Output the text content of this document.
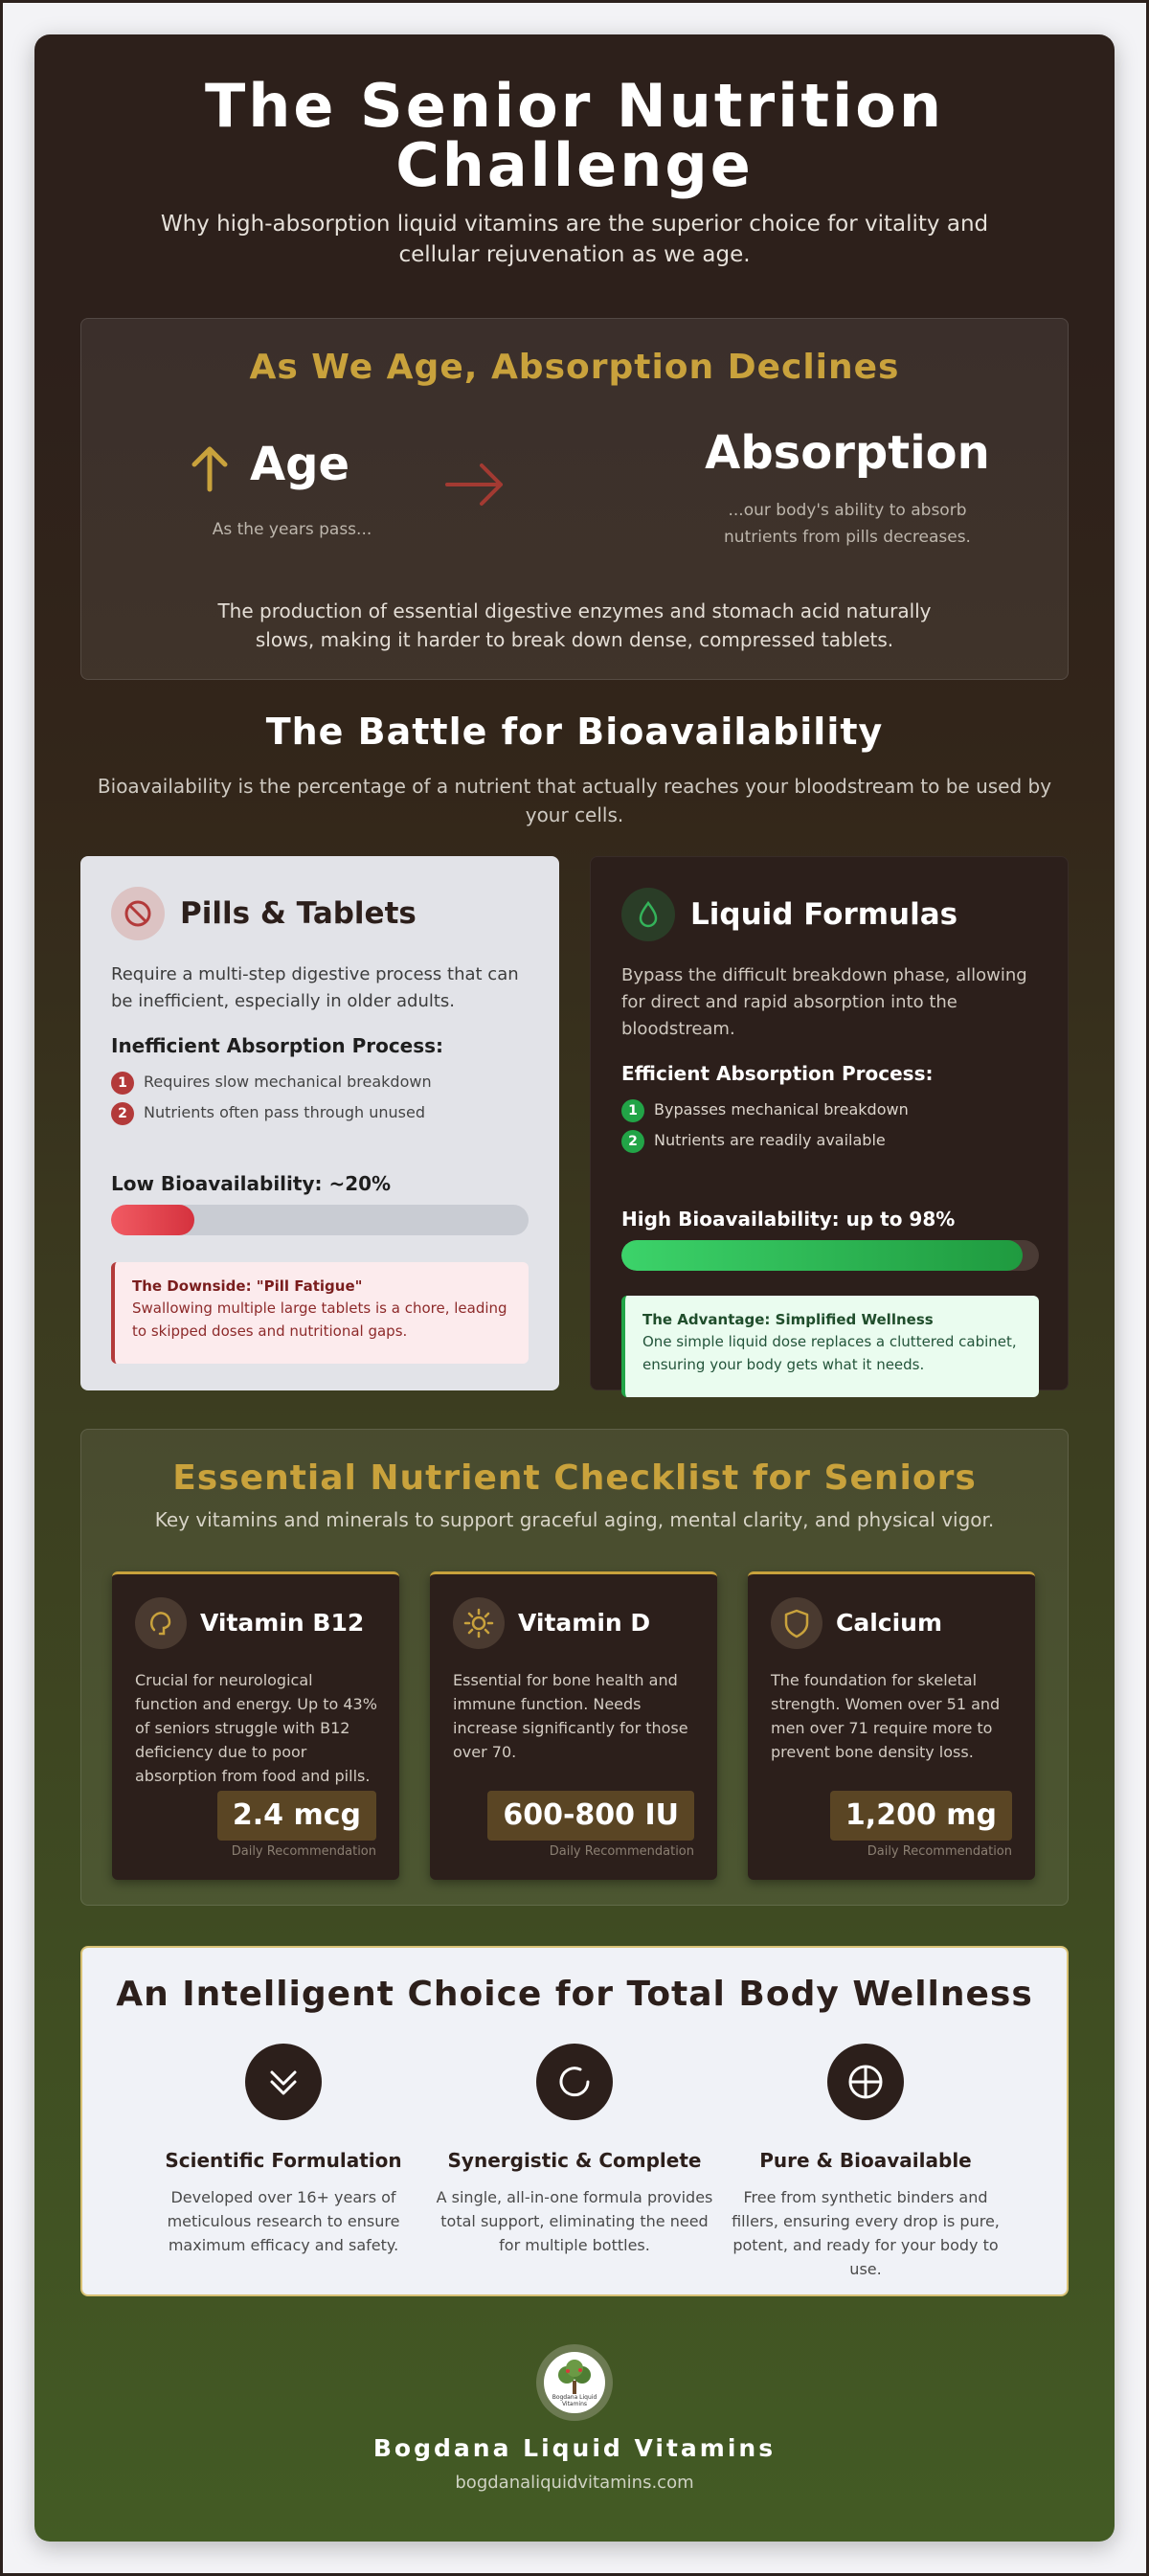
The Senior Nutrition
Challenge
Why high-absorption liquid vitamins are the superior choice for vitality and cellular rejuvenation as we age.
As We Age, Absorption Declines
Age
As the years pass...
Absorption
...our body's ability to absorb nutrients from pills decreases.
The production of essential digestive enzymes and stomach acid naturally slows, making it harder to break down dense, compressed tablets.
The Battle for Bioavailability
Bioavailability is the percentage of a nutrient that actually reaches your bloodstream to be used by your cells.
Pills & Tablets
Require a multi-step digestive process that can be inefficient, especially in older adults.
Inefficient Absorption Process:
1 Requires slow mechanical breakdown
2 Nutrients often pass through unused
Low Bioavailability: ~20%
The Downside: "Pill Fatigue"
Swallowing multiple large tablets is a chore, leading to skipped doses and nutritional gaps.
Liquid Formulas
Bypass the difficult breakdown phase, allowing for direct and rapid absorption into the bloodstream.
Efficient Absorption Process:
1 Bypasses mechanical breakdown
2 Nutrients are readily available
High Bioavailability: up to 98%
The Advantage: Simplified Wellness
One simple liquid dose replaces a cluttered cabinet, ensuring your body gets what it needs.
Essential Nutrient Checklist for Seniors
Key vitamins and minerals to support graceful aging, mental clarity, and physical vigor.
Vitamin B12
Crucial for neurological function and energy. Up to 43% of seniors struggle with B12 deficiency due to poor absorption from food and pills.
2.4 mcg
Daily Recommendation
Vitamin D
Essential for bone health and immune function. Needs increase significantly for those over 70.
600-800 IU
Daily Recommendation
Calcium
The foundation for skeletal strength. Women over 51 and men over 71 require more to prevent bone density loss.
1,200 mg
Daily Recommendation
An Intelligent Choice for Total Body Wellness
Scientific Formulation
Developed over 16+ years of meticulous research to ensure maximum efficacy and safety.
Synergistic & Complete
A single, all-in-one formula provides total support, eliminating the need for multiple bottles.
Pure & Bioavailable
Free from synthetic binders and fillers, ensuring every drop is pure, potent, and ready for your body to use.
Bogdana Liquid Vitamins
Bogdana Liquid Vitamins
bogdanaliquidvitamins.com
